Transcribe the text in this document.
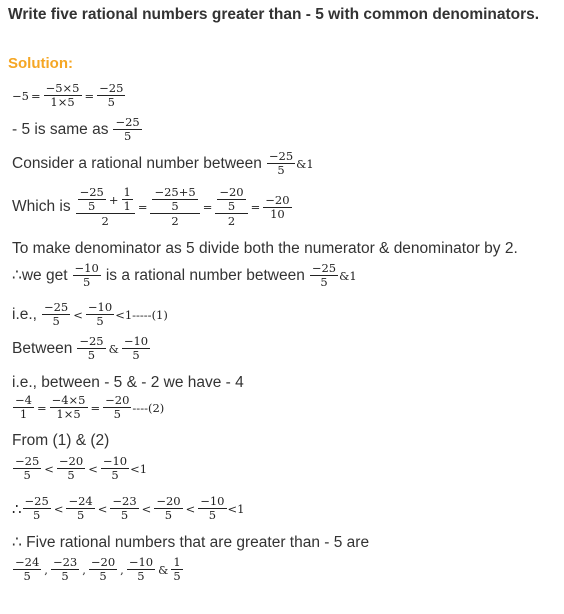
Write five rational numbers greater than - 5 with common denominators.
Solution:
$-5 = \frac{-5\times 5}{1\times 5} = \frac{-25}{5}$
- 5 is same as $\frac{-25}{5}$
Consider a rational number between $\frac{-25}{5}$ &1
Which is $\frac{\frac{-25}{5} + \frac{1}{1}}{2} = \frac{\frac{-25+5}{5}}{2} = \frac{\frac{-20}{5}}{2} = \frac{-20}{10}$
To make denominator as 5 divide both the numerator & denominator by 2.
∴we get $\frac{-10}{5}$ is a rational number between $\frac{-25}{5}$ &1
i.e., $\frac{-25}{5} < \frac{-10}{5} <1-----(1)$
Between $\frac{-25}{5}$ & $\frac{-10}{5}$
i.e., between - 5 & - 2 we have - 4
$\frac{-4}{1} = \frac{-4\times 5}{1\times 5} = \frac{-20}{5} ----(2)$
From (1) & (2)
$\frac{-25}{5} < \frac{-20}{5} < \frac{-10}{5} <1$
∴ $\frac{-25}{5} < \frac{-24}{5} < \frac{-23}{5} < \frac{-20}{5} < \frac{-10}{5} <1$
∴ Five rational numbers that are greater than - 5 are
$\frac{-24}{5}$ , $\frac{-23}{5}$ , $\frac{-20}{5}$ , $\frac{-10}{5}$ & $\frac{1}{5}$
